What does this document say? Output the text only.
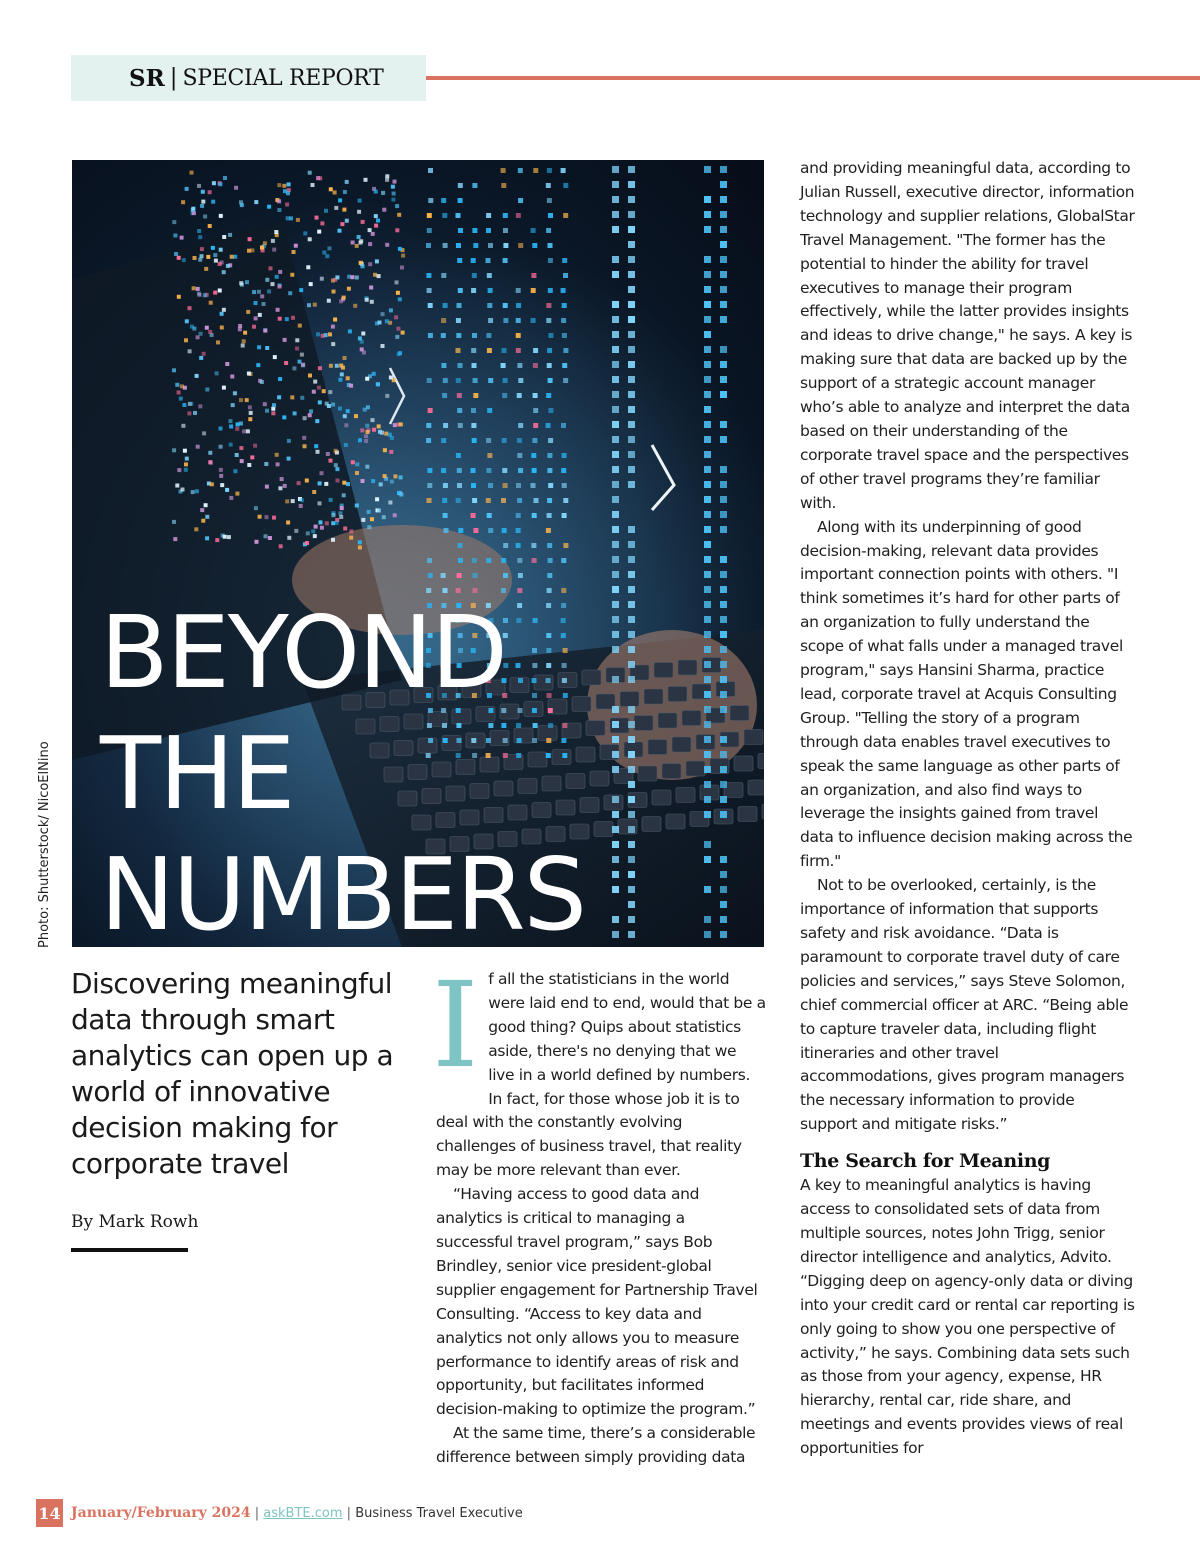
SR | SPECIAL REPORT
BEYOND
THE
NUMBERS
Photo: Shutterstock/ NicoElNino
Discovering meaningful data through smart analytics can open up a world of innovative decision making for corporate travel
By Mark Rowh

If all the statisticians in the world were laid end to end, would that be a good thing? Quips about statistics aside, there's no denying that we live in a world defined by numbers. In fact, for those whose job it is to deal with the constantly evolving challenges of business travel, that reality may be more relevant than ever.

“Having access to good data and analytics is critical to managing a successful travel program,” says Bob Brindley, senior vice president-global supplier engagement for Partnership Travel Consulting. “Access to key data and analytics not only allows you to measure performance to identify areas of risk and opportunity, but facilitates informed decision-making to optimize the program.”

At the same time, there’s a considerable difference between simply providing data

and providing meaningful data, according to Julian Russell, executive director, information technology and supplier relations, GlobalStar Travel Management. "The former has the potential to hinder the ability for travel executives to manage their program effectively, while the latter provides insights and ideas to drive change," he says. A key is making sure that data are backed up by the support of a strategic account manager who’s able to analyze and interpret the data based on their understanding of the corporate travel space and the perspectives of other travel programs they’re familiar with.

Along with its underpinning of good decision-making, relevant data provides important connection points with others. "I think sometimes it’s hard for other parts of an organization to fully understand the scope of what falls under a managed travel program," says Hansini Sharma, practice lead, corporate travel at Acquis Consulting Group. "Telling the story of a program through data enables travel executives to speak the same language as other parts of an organization, and also find ways to leverage the insights gained from travel data to influence decision making across the firm."

Not to be overlooked, certainly, is the importance of information that supports safety and risk avoidance. “Data is paramount to corporate travel duty of care policies and services,” says Steve Solomon, chief commercial officer at ARC. “Being able to capture traveler data, including flight itineraries and other travel accommodations, gives program managers the necessary information to provide support and mitigate risks.”

The Search for Meaning

A key to meaningful analytics is having access to consolidated sets of data from multiple sources, notes John Trigg, senior director intelligence and analytics, Advito. “Digging deep on agency-only data or diving into your credit card or rental car reporting is only going to show you one perspective of activity,” he says. Combining data sets such as those from your agency, expense, HR hierarchy, rental car, ride share, and meetings and events provides views of real opportunities for

14 January/February 2024 | askBTE.com | Business Travel Executive
